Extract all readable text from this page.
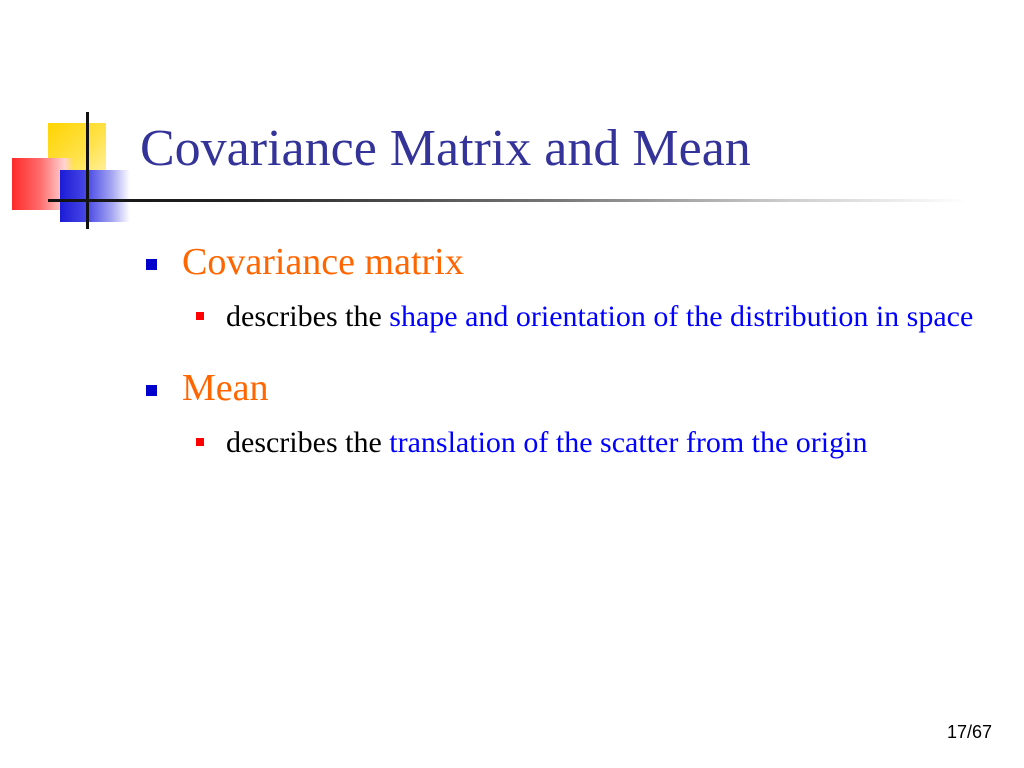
Covariance Matrix and Mean
Covariance matrix
describes the shape and orientation of the distribution in space
Mean
describes the translation of the scatter from the origin
17/67
